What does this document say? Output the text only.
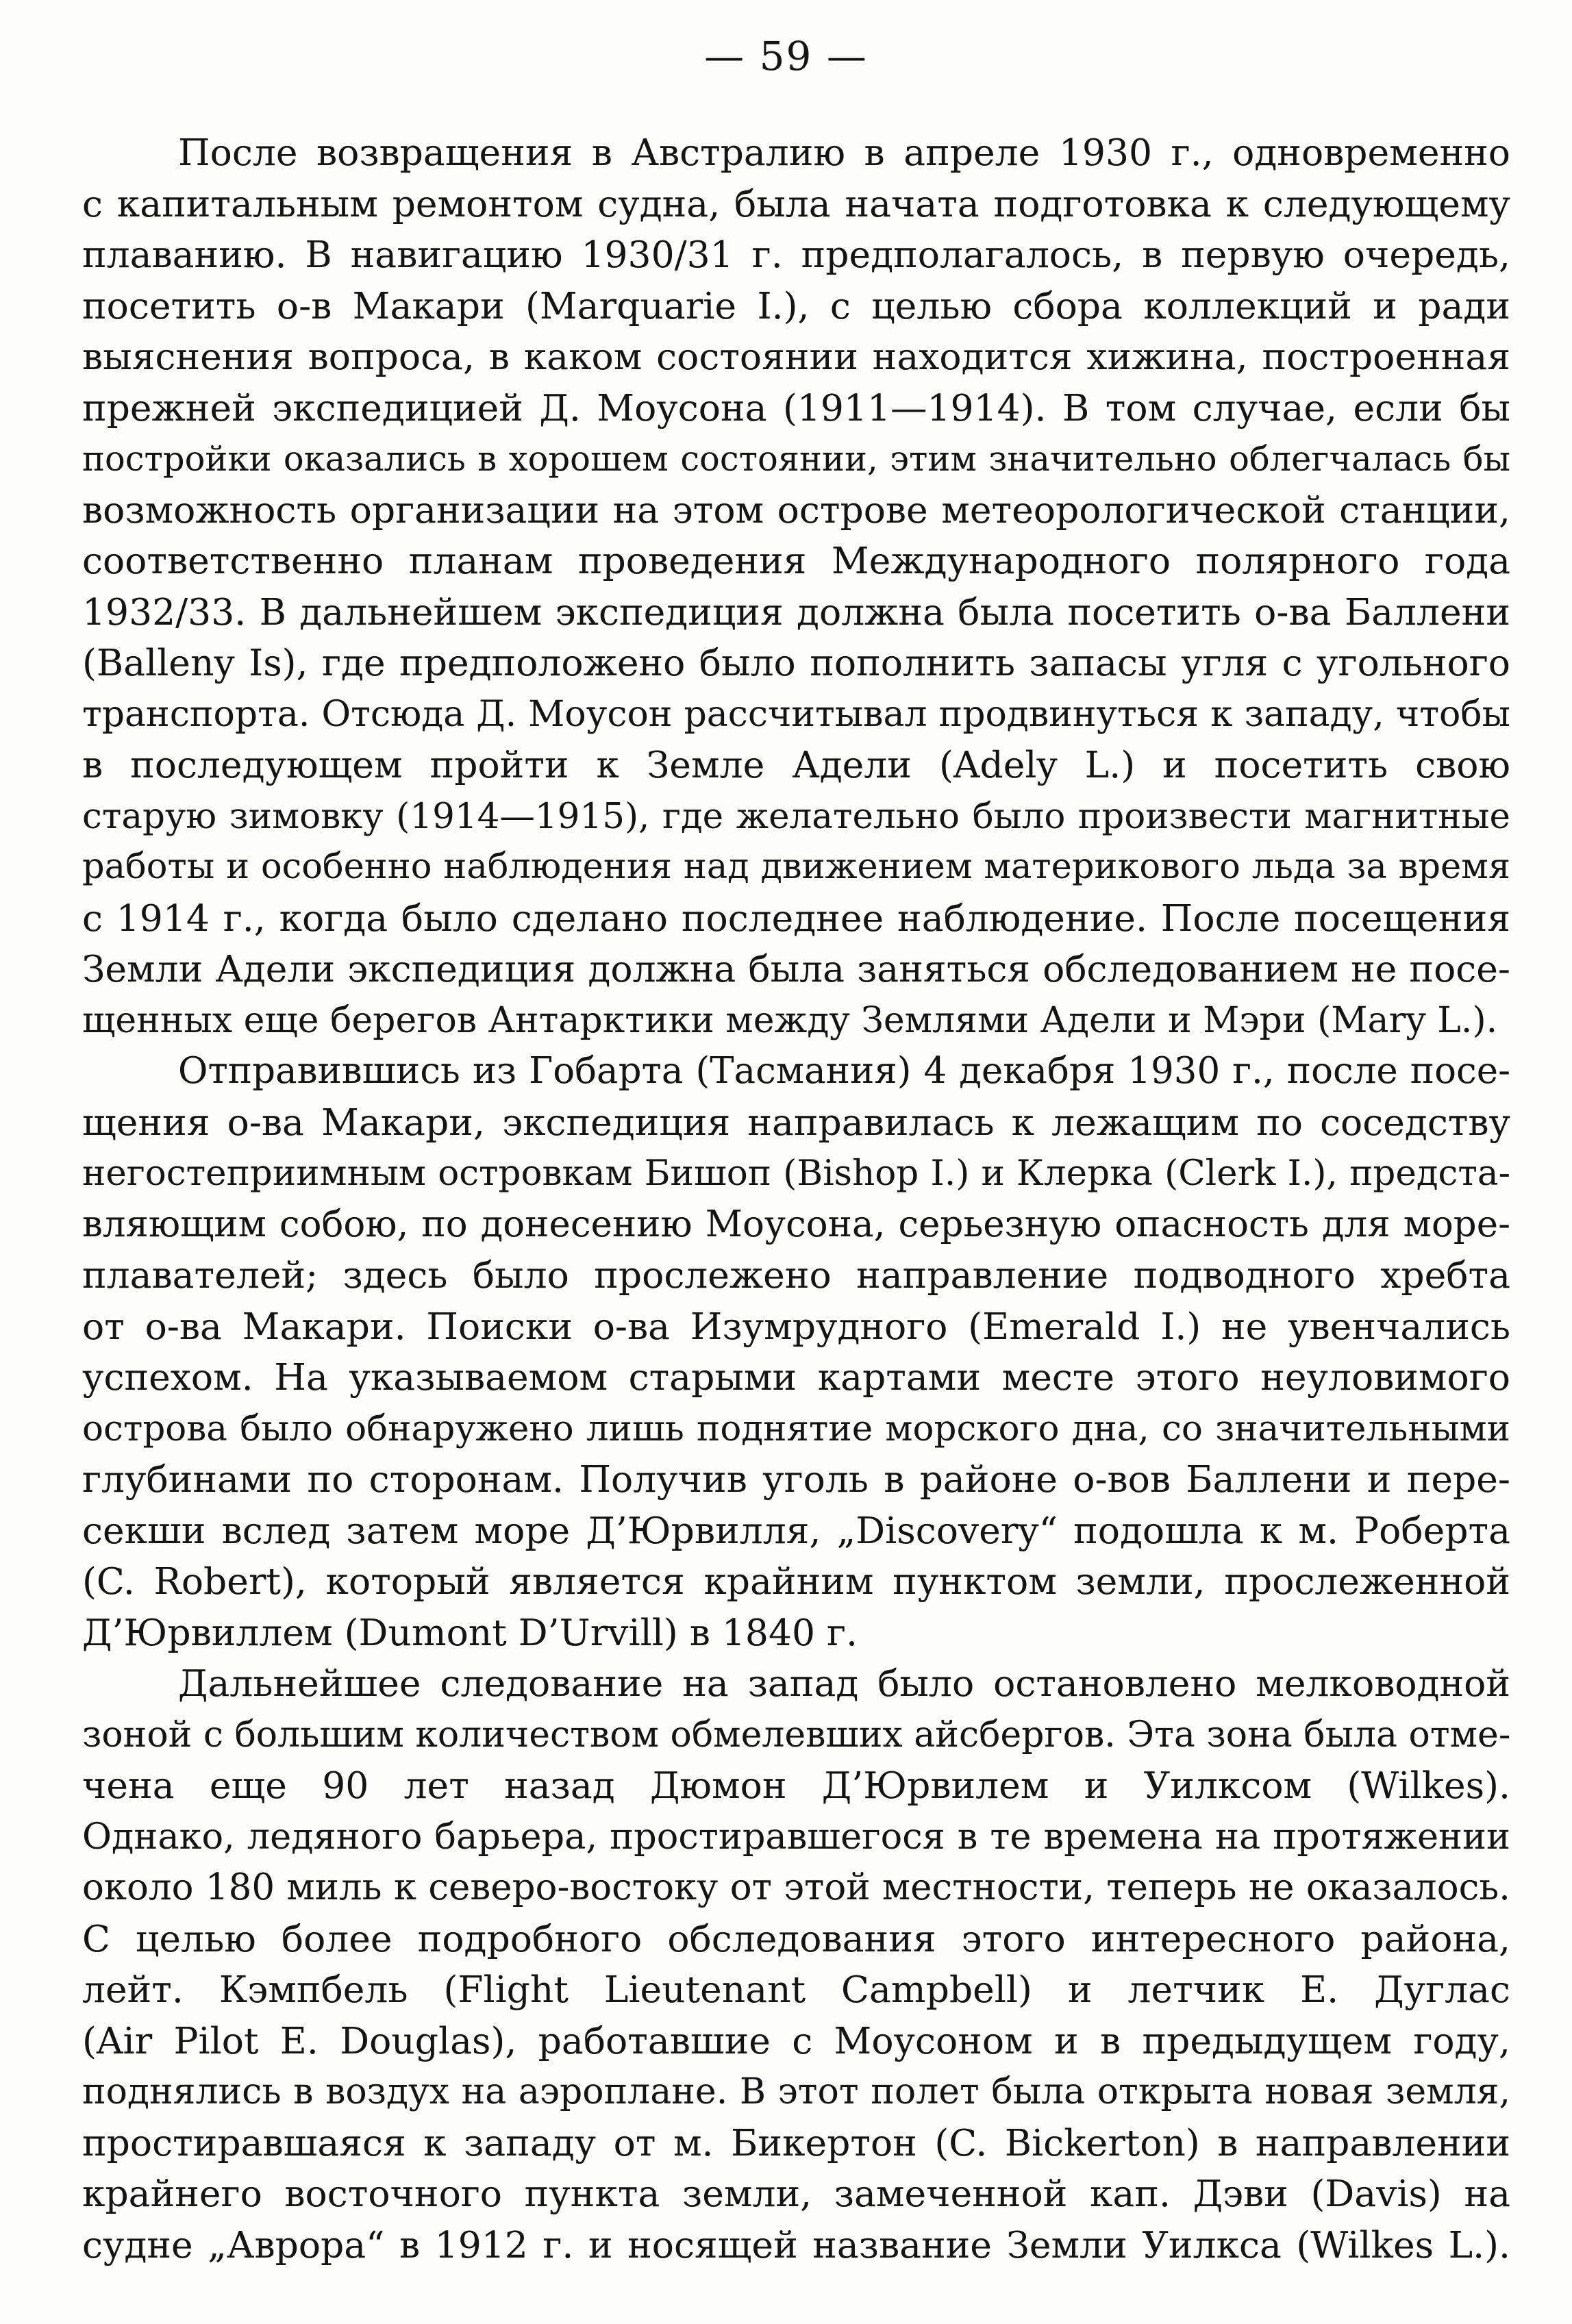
— 59 —
После возвращения в Австралию в апреле 1930 г., одновременно
с капитальным ремонтом судна, была начата подготовка к следующему
плаванию. В навигацию 1930/31 г. предполагалось, в первую очередь,
посетить о-в Макари (Marquarie I.), с целью сбора коллекций и ради
выяснения вопроса, в каком состоянии находится хижина, построенная
прежней экспедицией Д. Моусона (1911—1914). В том случае, если бы
постройки оказались в хорошем состоянии, этим значительно облегчалась бы
возможность организации на этом острове метеорологической станции,
соответственно планам проведения Международного полярного года
1932/33. В дальнейшем экспедиция должна была посетить о-ва Баллени
(Balleny Is), где предположено было пополнить запасы угля с угольного
транспорта. Отсюда Д. Моусон рассчитывал продвинуться к западу, чтобы
в последующем пройти к Земле Адели (Adely L.) и посетить свою
старую зимовку (1914—1915), где желательно было произвести магнитные
работы и особенно наблюдения над движением материкового льда за время
с 1914 г., когда было сделано последнее наблюдение. После посещения
Земли Адели экспедиция должна была заняться обследованием не посе-
щенных еще берегов Антарктики между Землями Адели и Мэри (Mary L.).
Отправившись из Гобарта (Тасмания) 4 декабря 1930 г., после посе-
щения о-ва Макари, экспедиция направилась к лежащим по соседству
негостеприимным островкам Бишоп (Bishop I.) и Клерка (Clerk I.), предста-
вляющим собою, по донесению Моусона, серьезную опасность для море-
плавателей; здесь было прослежено направление подводного хребта
от о-ва Макари. Поиски о-ва Изумрудного (Emerald I.) не увенчались
успехом. На указываемом старыми картами месте этого неуловимого
острова было обнаружено лишь поднятие морского дна, со значительными
глубинами по сторонам. Получив уголь в районе о-вов Баллени и пере-
секши вслед затем море Д’Юрвилля, „Discovery“ подошла к м. Роберта
(C. Robert), который является крайним пунктом земли, прослеженной
Д’Юрвиллем (Dumont D’Urvill) в 1840 г.
Дальнейшее следование на запад было остановлено мелководной
зоной с большим количеством обмелевших айсбергов. Эта зона была отме-
чена еще 90 лет назад Дюмон Д’Юрвилем и Уилксом (Wilkes).
Однако, ледяного барьера, простиравшегося в те времена на протяжении
около 180 миль к северо-востоку от этой местности, теперь не оказалось.
С целью более подробного обследования этого интересного района,
лейт. Кэмпбель (Flight Lieutenant Campbell) и летчик Е. Дуглас
(Air Pilot E. Douglas), работавшие с Моусоном и в предыдущем году,
поднялись в воздух на аэроплане. В этот полет была открыта новая земля,
простиравшаяся к западу от м. Бикертон (C. Bickerton) в направлении
крайнего восточного пункта земли, замеченной кап. Дэви (Davis) на
судне „Аврора“ в 1912 г. и носящей название Земли Уилкса (Wilkes L.).
